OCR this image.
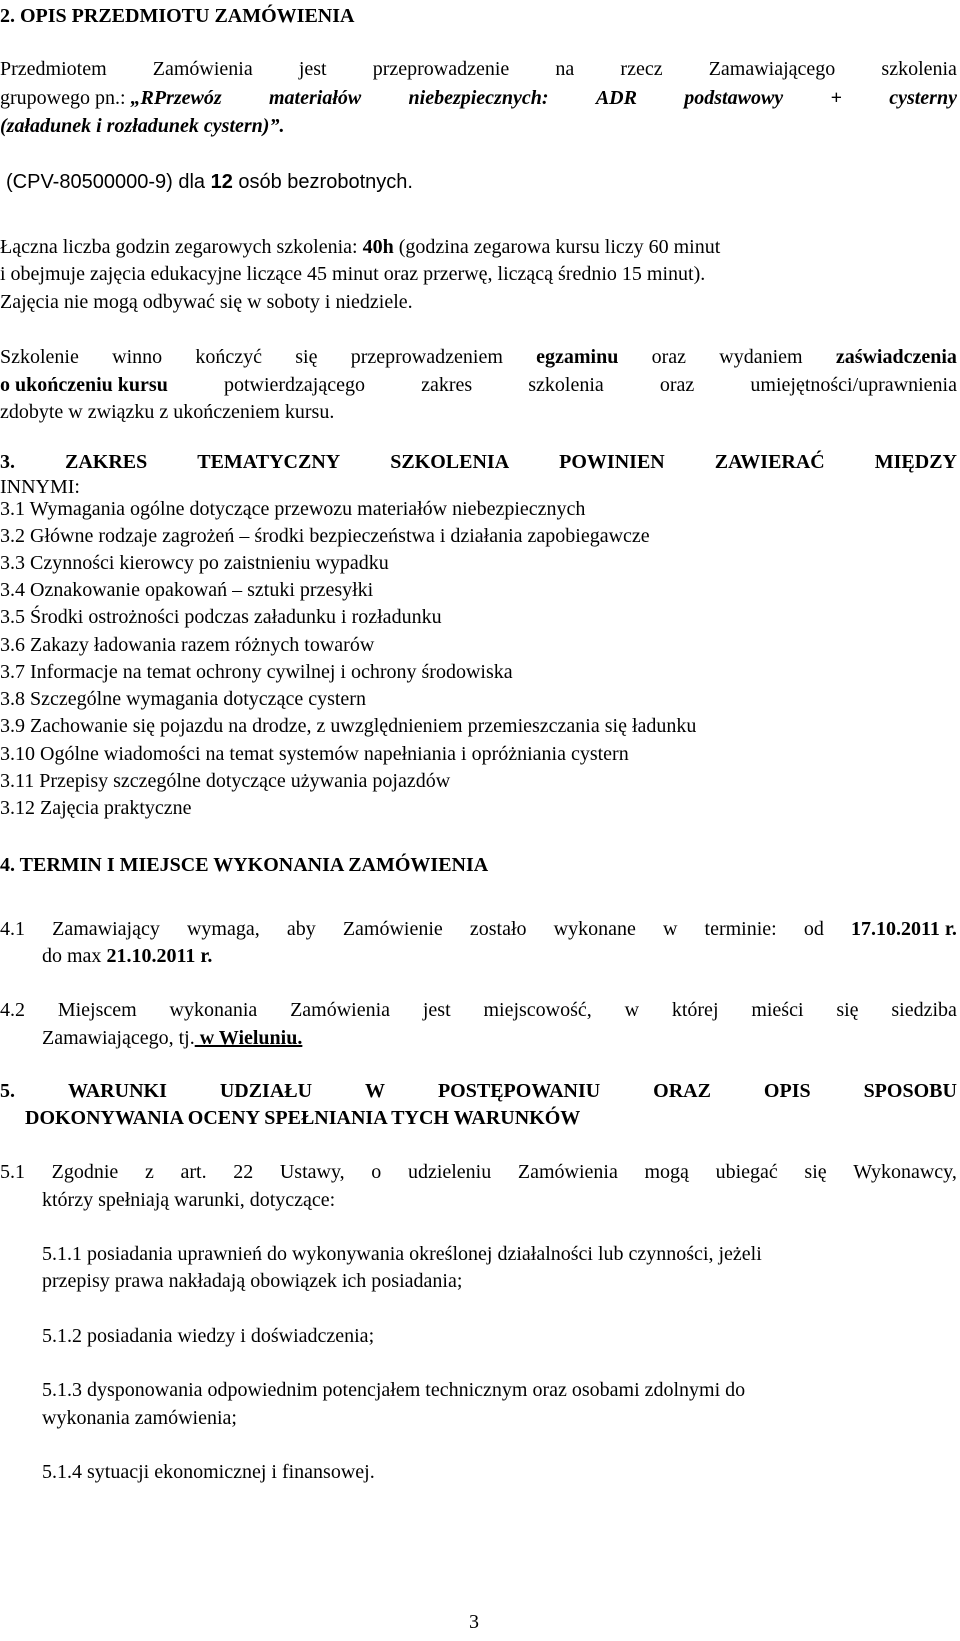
2. OPIS PRZEDMIOTU ZAMÓWIENIA
Przedmiotem Zamówienia jest przeprowadzenie na rzecz Zamawiającego szkolenia
grupowego pn.: „RPrzewóz materiałów niebezpiecznych: ADR podstawowy + cysterny
(załadunek i rozładunek cystern)”.
(CPV-80500000-9) dla 12 osób bezrobotnych.
Łączna liczba godzin zegarowych szkolenia: 40h (godzina zegarowa kursu liczy 60 minut
i obejmuje zajęcia edukacyjne liczące 45 minut oraz przerwę, liczącą średnio 15 minut).
Zajęcia nie mogą odbywać się w soboty i niedziele.
Szkolenie winno kończyć się przeprowadzeniem egzaminu oraz wydaniem zaświadczenia
o ukończeniu kursu	potwierdzającego	zakres	szkolenia	oraz	umiejętności/uprawnienia
zdobyte w związku z ukończeniem kursu.
3.	ZAKRES	TEMATYCZNY	SZKOLENIA	POWINIEN	ZAWIERAĆ	MIĘDZY
INNYMI:
3.1 Wymagania ogólne dotyczące przewozu materiałów niebezpiecznych
3.2 Główne rodzaje zagrożeń – środki bezpieczeństwa i działania zapobiegawcze
3.3 Czynności kierowcy po zaistnieniu wypadku
3.4 Oznakowanie opakowań – sztuki przesyłki
3.5 Środki ostrożności podczas załadunku i rozładunku
3.6 Zakazy ładowania razem różnych towarów
3.7 Informacje na temat ochrony cywilnej i ochrony środowiska
3.8 Szczególne wymagania dotyczące cystern
3.9 Zachowanie się pojazdu na drodze, z uwzględnieniem przemieszczania się ładunku
3.10 Ogólne wiadomości na temat systemów napełniania i opróżniania cystern
3.11 Przepisy szczególne dotyczące używania pojazdów
3.12 Zajęcia praktyczne
4. TERMIN I MIEJSCE WYKONANIA ZAMÓWIENIA
4.1 Zamawiający wymaga, aby Zamówienie zostało wykonane w terminie: od 17.10.2011 r.
do max 21.10.2011 r.
4.2 Miejscem wykonania Zamówienia jest miejscowość, w której mieści się siedziba
Zamawiającego, tj. w Wieluniu.
5.	WARUNKI	UDZIAŁU	W	POSTĘPOWANIU	ORAZ	OPIS	SPOSOBU
DOKONYWANIA OCENY SPEŁNIANIA TYCH WARUNKÓW
5.1 Zgodnie z art. 22 Ustawy, o udzieleniu Zamówienia mogą ubiegać się Wykonawcy,
którzy spełniają warunki, dotyczące:
5.1.1 posiadania uprawnień do wykonywania określonej działalności lub czynności, jeżeli
przepisy prawa nakładają obowiązek ich posiadania;
5.1.2 posiadania wiedzy i doświadczenia;
5.1.3 dysponowania odpowiednim potencjałem technicznym oraz osobami zdolnymi do
wykonania zamówienia;
5.1.4 sytuacji ekonomicznej i finansowej.
3
